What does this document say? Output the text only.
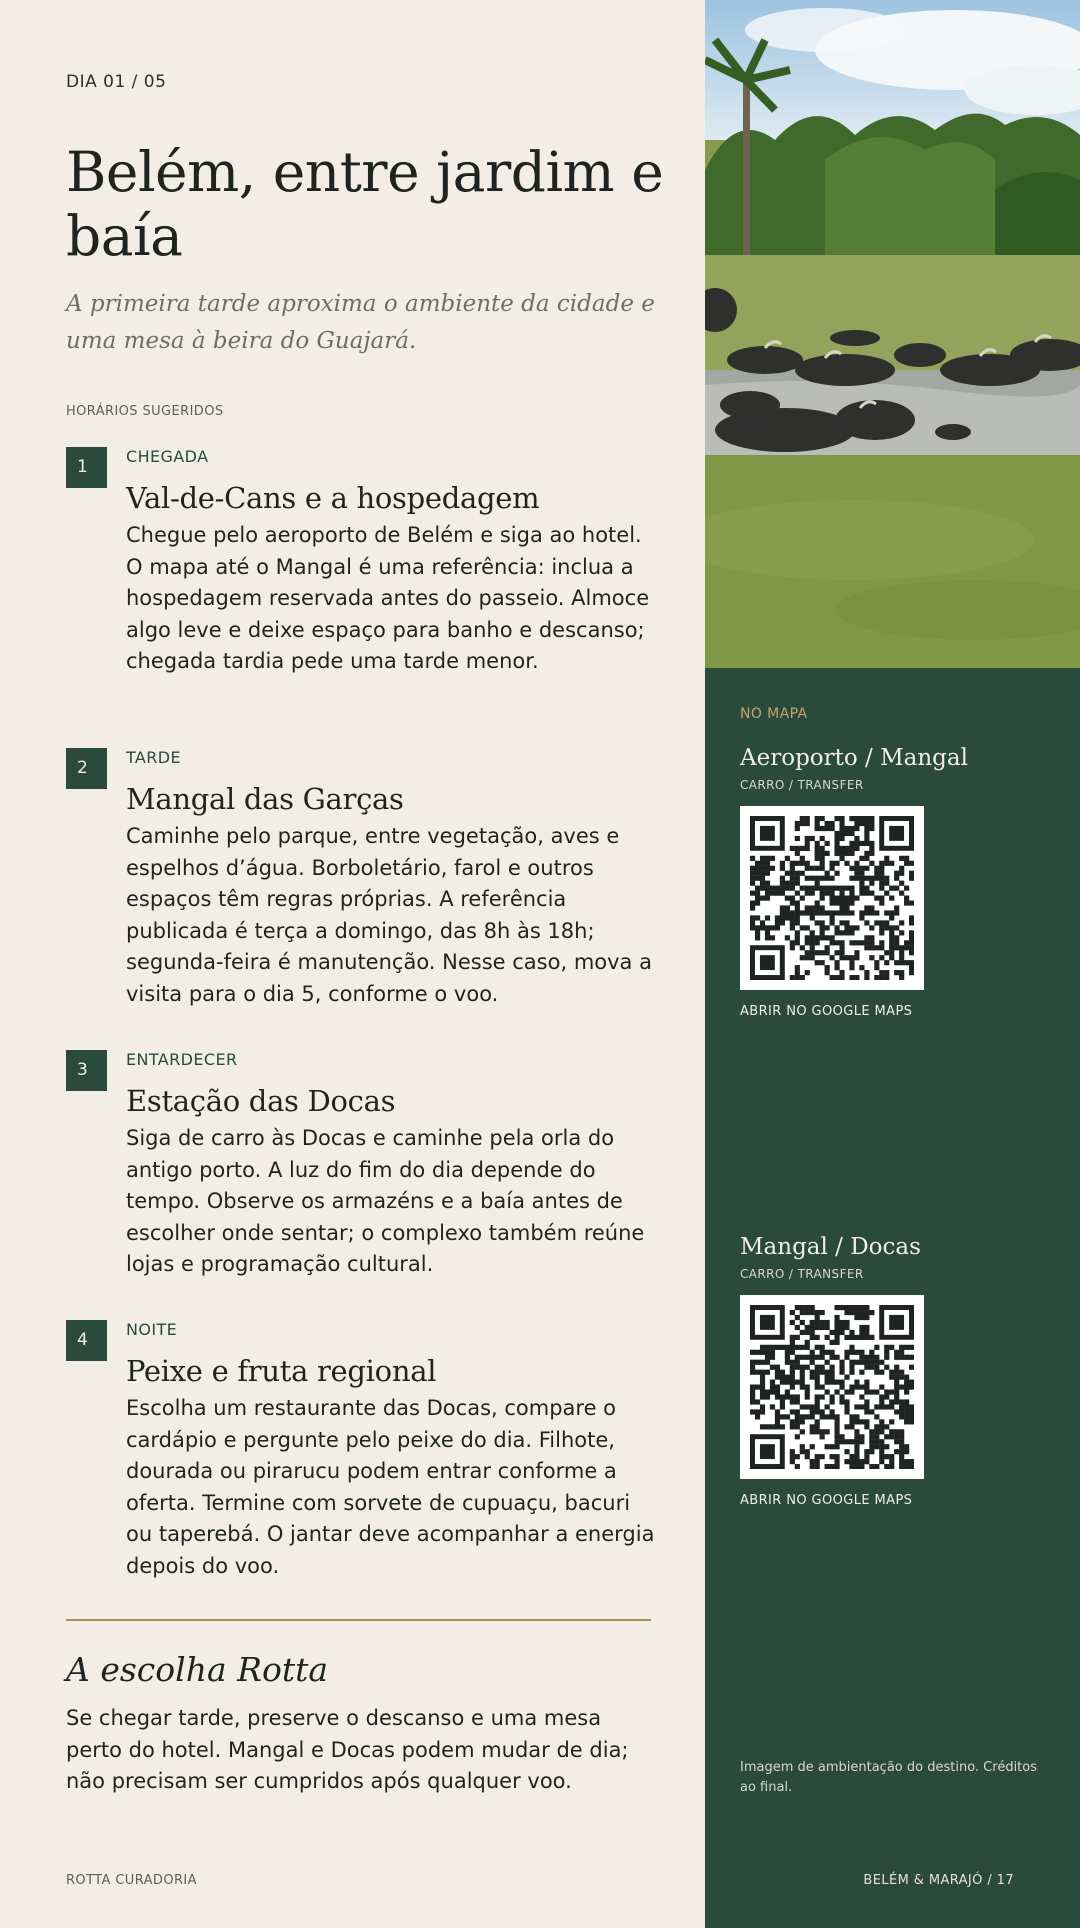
DIA 01 / 05
Belém, entre jardim e baía
A primeira tarde aproxima o ambiente da cidade e uma mesa à beira do Guajará.
HORÁRIOS SUGERIDOS
1
CHEGADA
Val-de-Cans e a hospedagem
Chegue pelo aeroporto de Belém e siga ao hotel. O mapa até o Mangal é uma referência: inclua a hospedagem reservada antes do passeio. Almoce algo leve e deixe espaço para banho e descanso; chegada tardia pede uma tarde menor.
2
TARDE
Mangal das Garças
Caminhe pelo parque, entre vegetação, aves e espelhos d’água. Borboletário, farol e outros espaços têm regras próprias. A referência publicada é terça a domingo, das 8h às 18h; segunda-feira é manutenção. Nesse caso, mova a visita para o dia 5, conforme o voo.
3
ENTARDECER
Estação das Docas
Siga de carro às Docas e caminhe pela orla do antigo porto. A luz do fim do dia depende do tempo. Observe os armazéns e a baía antes de escolher onde sentar; o complexo também reúne lojas e programação cultural.
4
NOITE
Peixe e fruta regional
Escolha um restaurante das Docas, compare o cardápio e pergunte pelo peixe do dia. Filhote, dourada ou pirarucu podem entrar conforme a oferta. Termine com sorvete de cupuaçu, bacuri ou taperebá. O jantar deve acompanhar a energia depois do voo.
A escolha Rotta
Se chegar tarde, preserve o descanso e uma mesa perto do hotel. Mangal e Docas podem mudar de dia; não precisam ser cumpridos após qualquer voo.
ROTTA CURADORIA
NO MAPA
Aeroporto / Mangal
CARRO / TRANSFER
ABRIR NO GOOGLE MAPS
Mangal / Docas
CARRO / TRANSFER
ABRIR NO GOOGLE MAPS
Imagem de ambientação do destino. Créditos ao final.
BELÉM & MARAJÓ / 17
